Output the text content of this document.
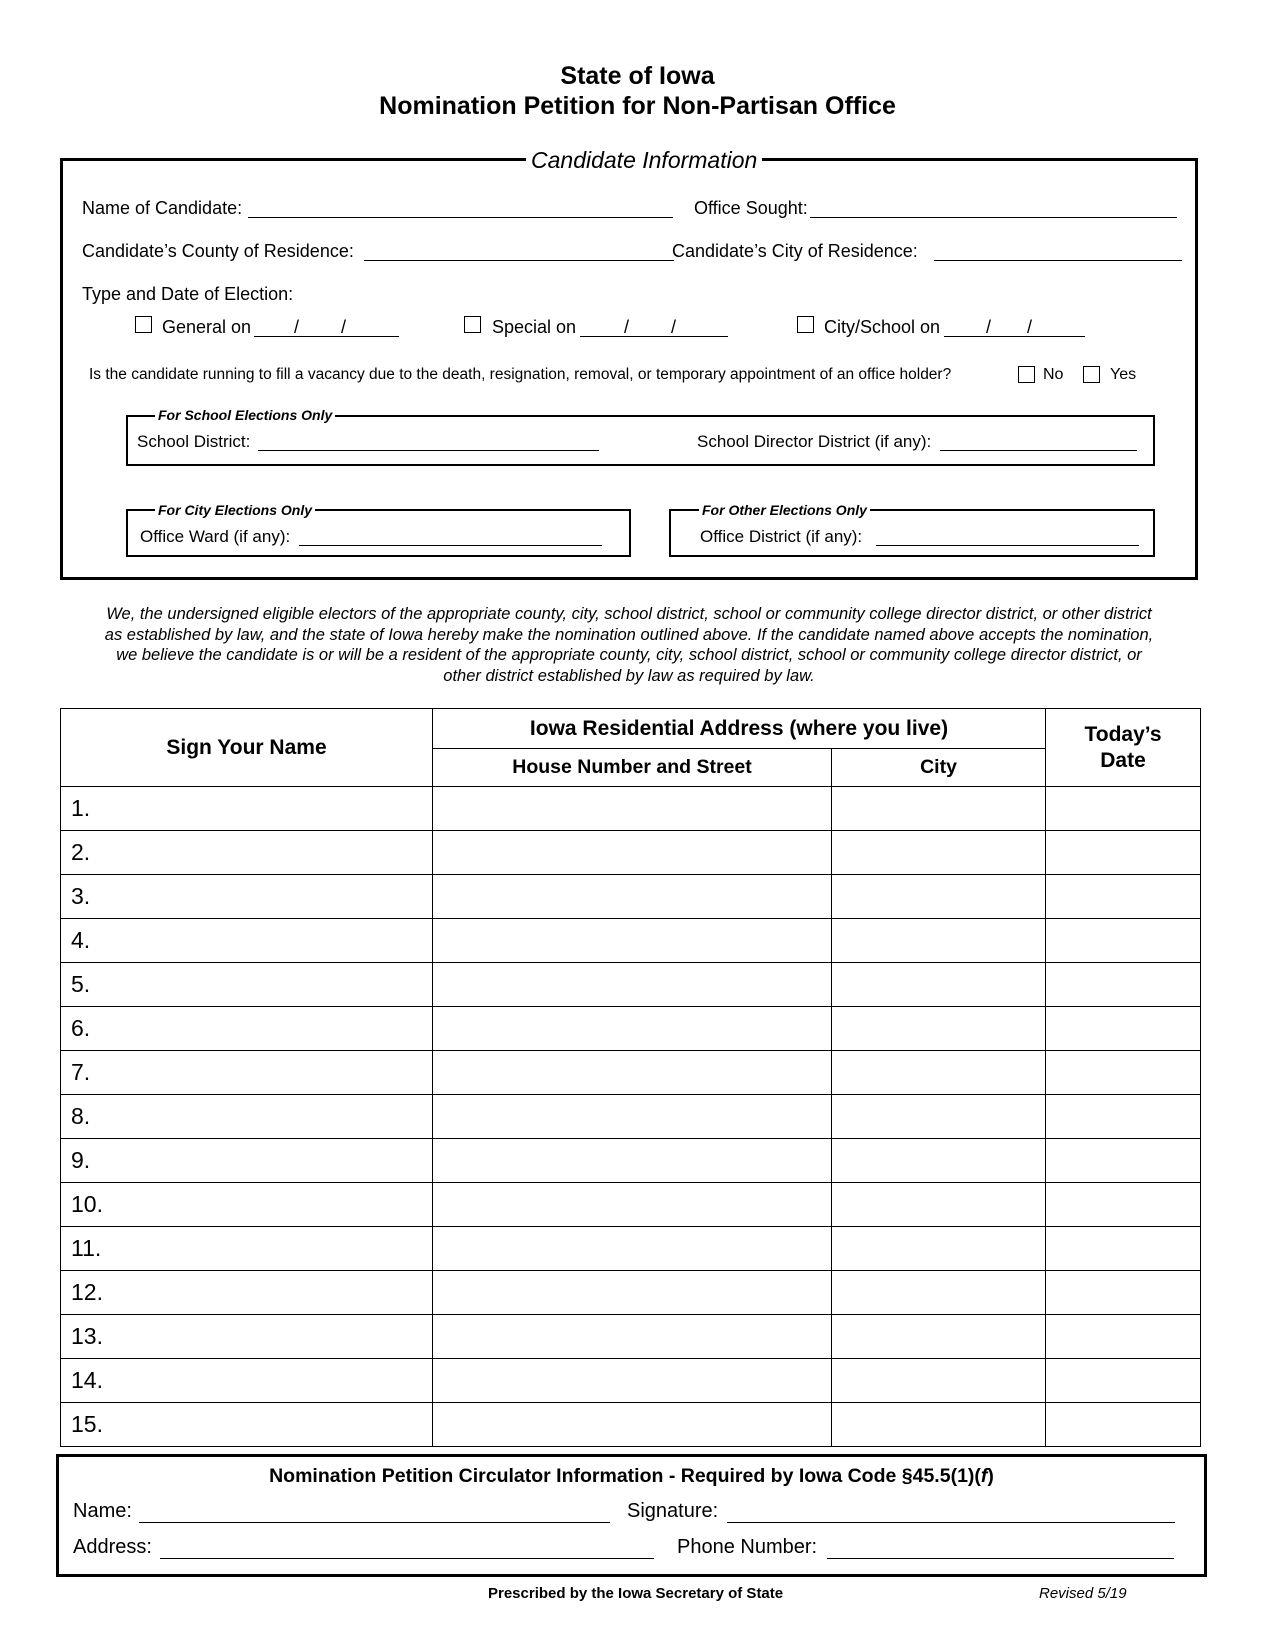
State of Iowa
Nomination Petition for Non-Partisan Office
Candidate Information
Name of Candidate:	Office Sought:
Candidate’s County of Residence:	Candidate’s City of Residence:
Type and Date of Election:
General on / /	Special on	/ /	City/School on	/ /
Is the candidate running to fill a vacancy due to the death, resignation, removal, or temporary appointment of an office holder?	No	Yes
For School Elections Only
School District:	School Director District (if any):
For City Elections Only
Office Ward (if any):
For Other Elections Only
Office District (if any):
We, the undersigned eligible electors of the appropriate county, city, school district, school or community college director district, or other district
as established by law, and the state of Iowa hereby make the nomination outlined above. If the candidate named above accepts the nomination,
we believe the candidate is or will be a resident of the appropriate county, city, school district, school or community college director district, or
other district established by law as required by law.
Sign Your Name	Iowa Residential Address (where you live)		Today’s
Date

	House Number and Street	City	
1.			
2.			
3.			
4.			
5.			
6.			
7.			
8.			
9.			
10.			
11.			
12.			
13.			
14.			
15.			
Nomination Petition Circulator Information - Required by Iowa Code §45.5(1)(f)
Name:	Signature:
Address:	Phone Number:
Prescribed by the Iowa Secretary of State	Revised 5/19
